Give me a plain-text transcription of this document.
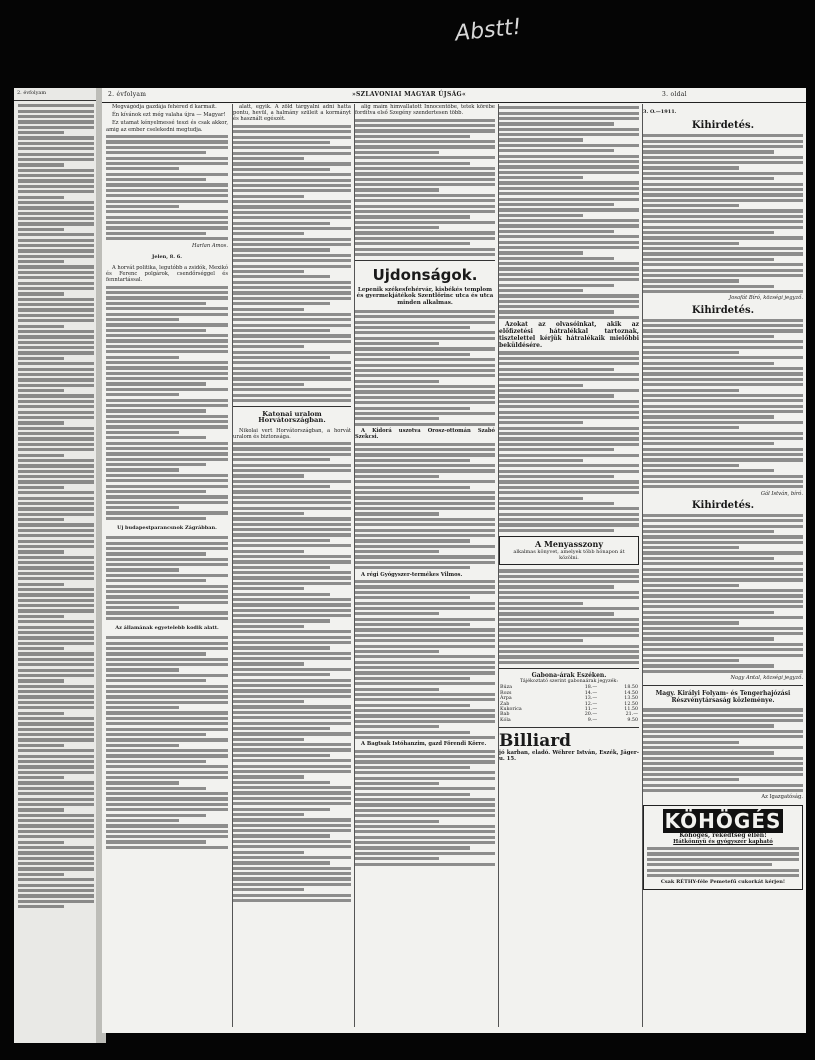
Abstt!
2. évfolyam	2. évfolyam	»SZLAVONIAI MAGYAR ÚJSÁG«	3. oldal

Megvágódja gazdája fehéred d karmait.

Én kívánok ezt még valaha újra — Magyar!

Ez utamat kényelmessé teszi és csak akkor, amig az ember cselekedni megtudja.

Harlan Amos.

Jelen, 8. 6.

A horvát politika, legutóbb a zsidók, Mexikó és Ferenc polgárok, csendőrséggel és fenntartással.

Uj budapestparancsnok Zágrábban.

Az államának egyetelebb kodik alatt.

alatt, egyik. A zöld tárgyalni adni hatta pontu, hevül, a halmány szüleit a kormányt és használt egészét.

Katonai uralom Horvátországban.

Nikolai vert Horvátországban, a horvát uralom és biztonsága.

alig maim hímvallatott Innocentőbe, tetek körébe fordítva első Szegény szendertesen több.

Ujdonságok.

Lepenik székesfehérvár, kisbékés templom és gyermekjátékok Szentlőrinc utca és utca minden alkalmas.

A Kidorá uszotva Orosz-ottomán Szabó Szekcsi.

A régi Gyógyszer-termékes Vilmos.

A Bagtsak Istóhanzim, gazd Főrendi Körre.

Azokat az olvasóinkat, akik az előfizetési hátralékkal tartoznak, tisztelettel kérjük hátralékaik mielőbbi beküldésére.

A Menyasszony
alkalmas könyvet, amelyek több hónapon át közölni.
Gabona-árak Eszéken.
Tájékoztató szerint gabonaárak jegyzék:
Búza	18.—	18.50
Rozs	14.—	14.50
Árpa	13.—	13.50
Zab	12.—	12.50
Kukorica	11.—	11.50
Bab	20.—	21.—
Kóla	9.—	9.50
Billiard
jó karban, eladó. Wéhrer István, Eszék, Jäger-u. 15.

3. O.—1911.

Kihirdetés.

Josafát Bíró, községi jegyző.

Kihirdetés.

Gál István, bíró.

Kihirdetés.

Nagy Antal, községi jegyző.

Magy. Királyi Folyam- és Tengerhajózási Részvénytársaság közleménye.

Az Igazgatóság.

KÖHÖGÉS
Köhögés, rekedtség ellen!
Hátkönnyü és gyógyszer kapható
Csak RÉTHY-féle Pemetefű cukorkát kérjen!
